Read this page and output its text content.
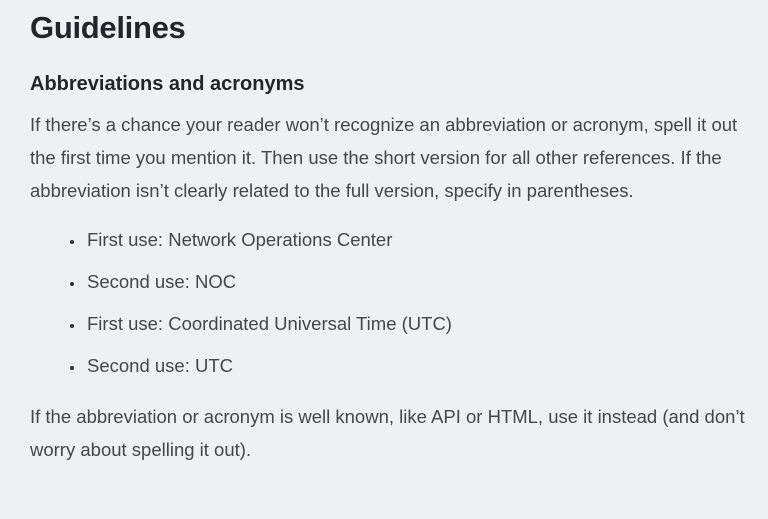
Guidelines
Abbreviations and acronyms

If there’s a chance your reader won’t recognize an abbreviation or acronym, spell it out the first time you mention it. Then use the short version for all other references. If the abbreviation isn’t clearly related to the full version, specify in parentheses.

• First use: Network Operations Center
• Second use: NOC
• First use: Coordinated Universal Time (UTC)
• Second use: UTC

If the abbreviation or acronym is well known, like API or HTML, use it instead (and don’t worry about spelling it out).
